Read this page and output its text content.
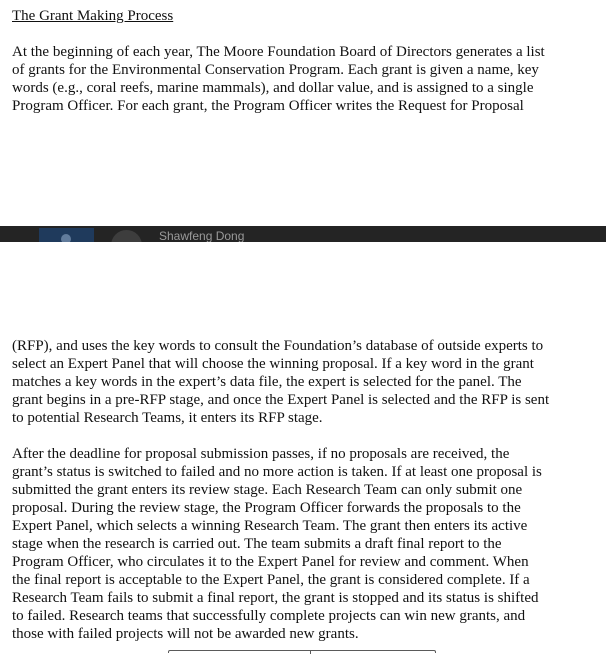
The Grant Making Process

At the beginning of each year, The Moore Foundation Board of Directors generates a list
of grants for the Environmental Conservation Program. Each grant is given a name, key
words (e.g., coral reefs, marine mammals), and dollar value, and is assigned to a single
Program Officer. For each grant, the Program Officer writes the Request for Proposal

Shawfeng Dong

(RFP), and uses the key words to consult the Foundation’s database of outside experts to
select an Expert Panel that will choose the winning proposal. If a key word in the grant
matches a key words in the expert’s data file, the expert is selected for the panel. The
grant begins in a pre-RFP stage, and once the Expert Panel is selected and the RFP is sent
to potential Research Teams, it enters its RFP stage.

After the deadline for proposal submission passes, if no proposals are received, the
grant’s status is switched to failed and no more action is taken. If at least one proposal is
submitted the grant enters its review stage. Each Research Team can only submit one
proposal. During the review stage, the Program Officer forwards the proposals to the
Expert Panel, which selects a winning Research Team. The grant then enters its active
stage when the research is carried out. The team submits a draft final report to the
Program Officer, who circulates it to the Expert Panel for review and comment. When
the final report is acceptable to the Expert Panel, the grant is considered complete. If a
Research Team fails to submit a final report, the grant is stopped and its status is shifted
to failed. Research teams that successfully complete projects can win new grants, and
those with failed projects will not be awarded new grants.
